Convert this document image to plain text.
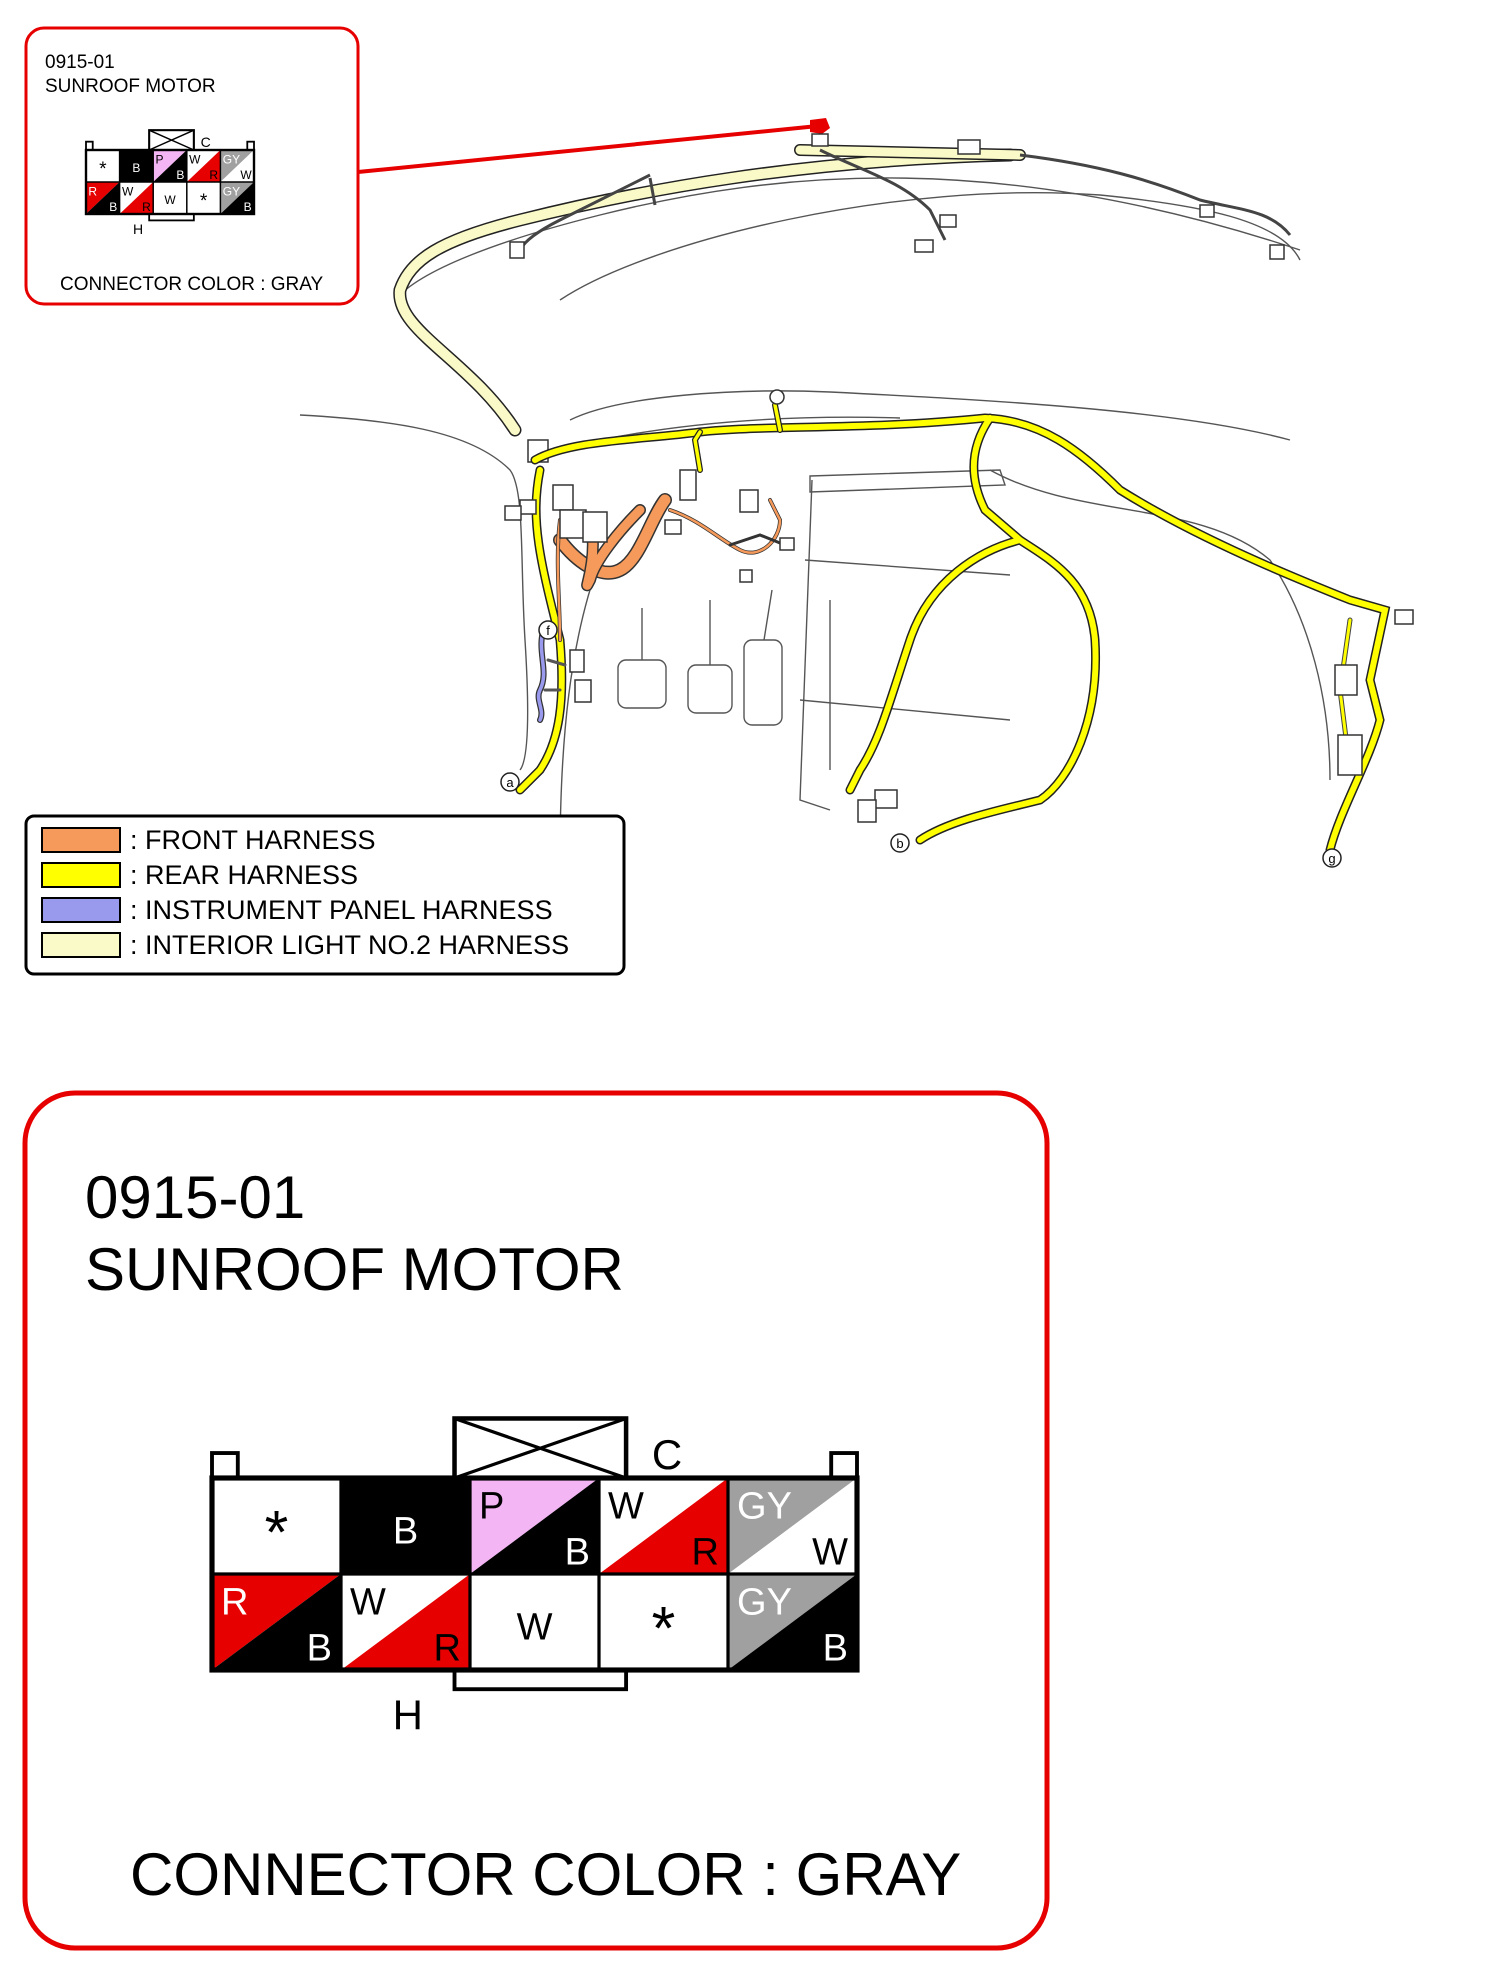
0915-01
SUNROOF MOTOR
CONNECTOR COLOR : GRAY
* B
P
B
W
R
GY
W
R
B
W
R
W * GY
B
C
H
a
b
f
g
: FRONT HARNESS
: REAR HARNESS
: INSTRUMENT PANEL HARNESS
: INTERIOR LIGHT NO.2 HARNESS
0915-01
SUNROOF MOTOR
CONNECTOR COLOR : GRAY
*	B
P
B
W
R
GY
W
R
B
W
R
W * GY
B
C
H
